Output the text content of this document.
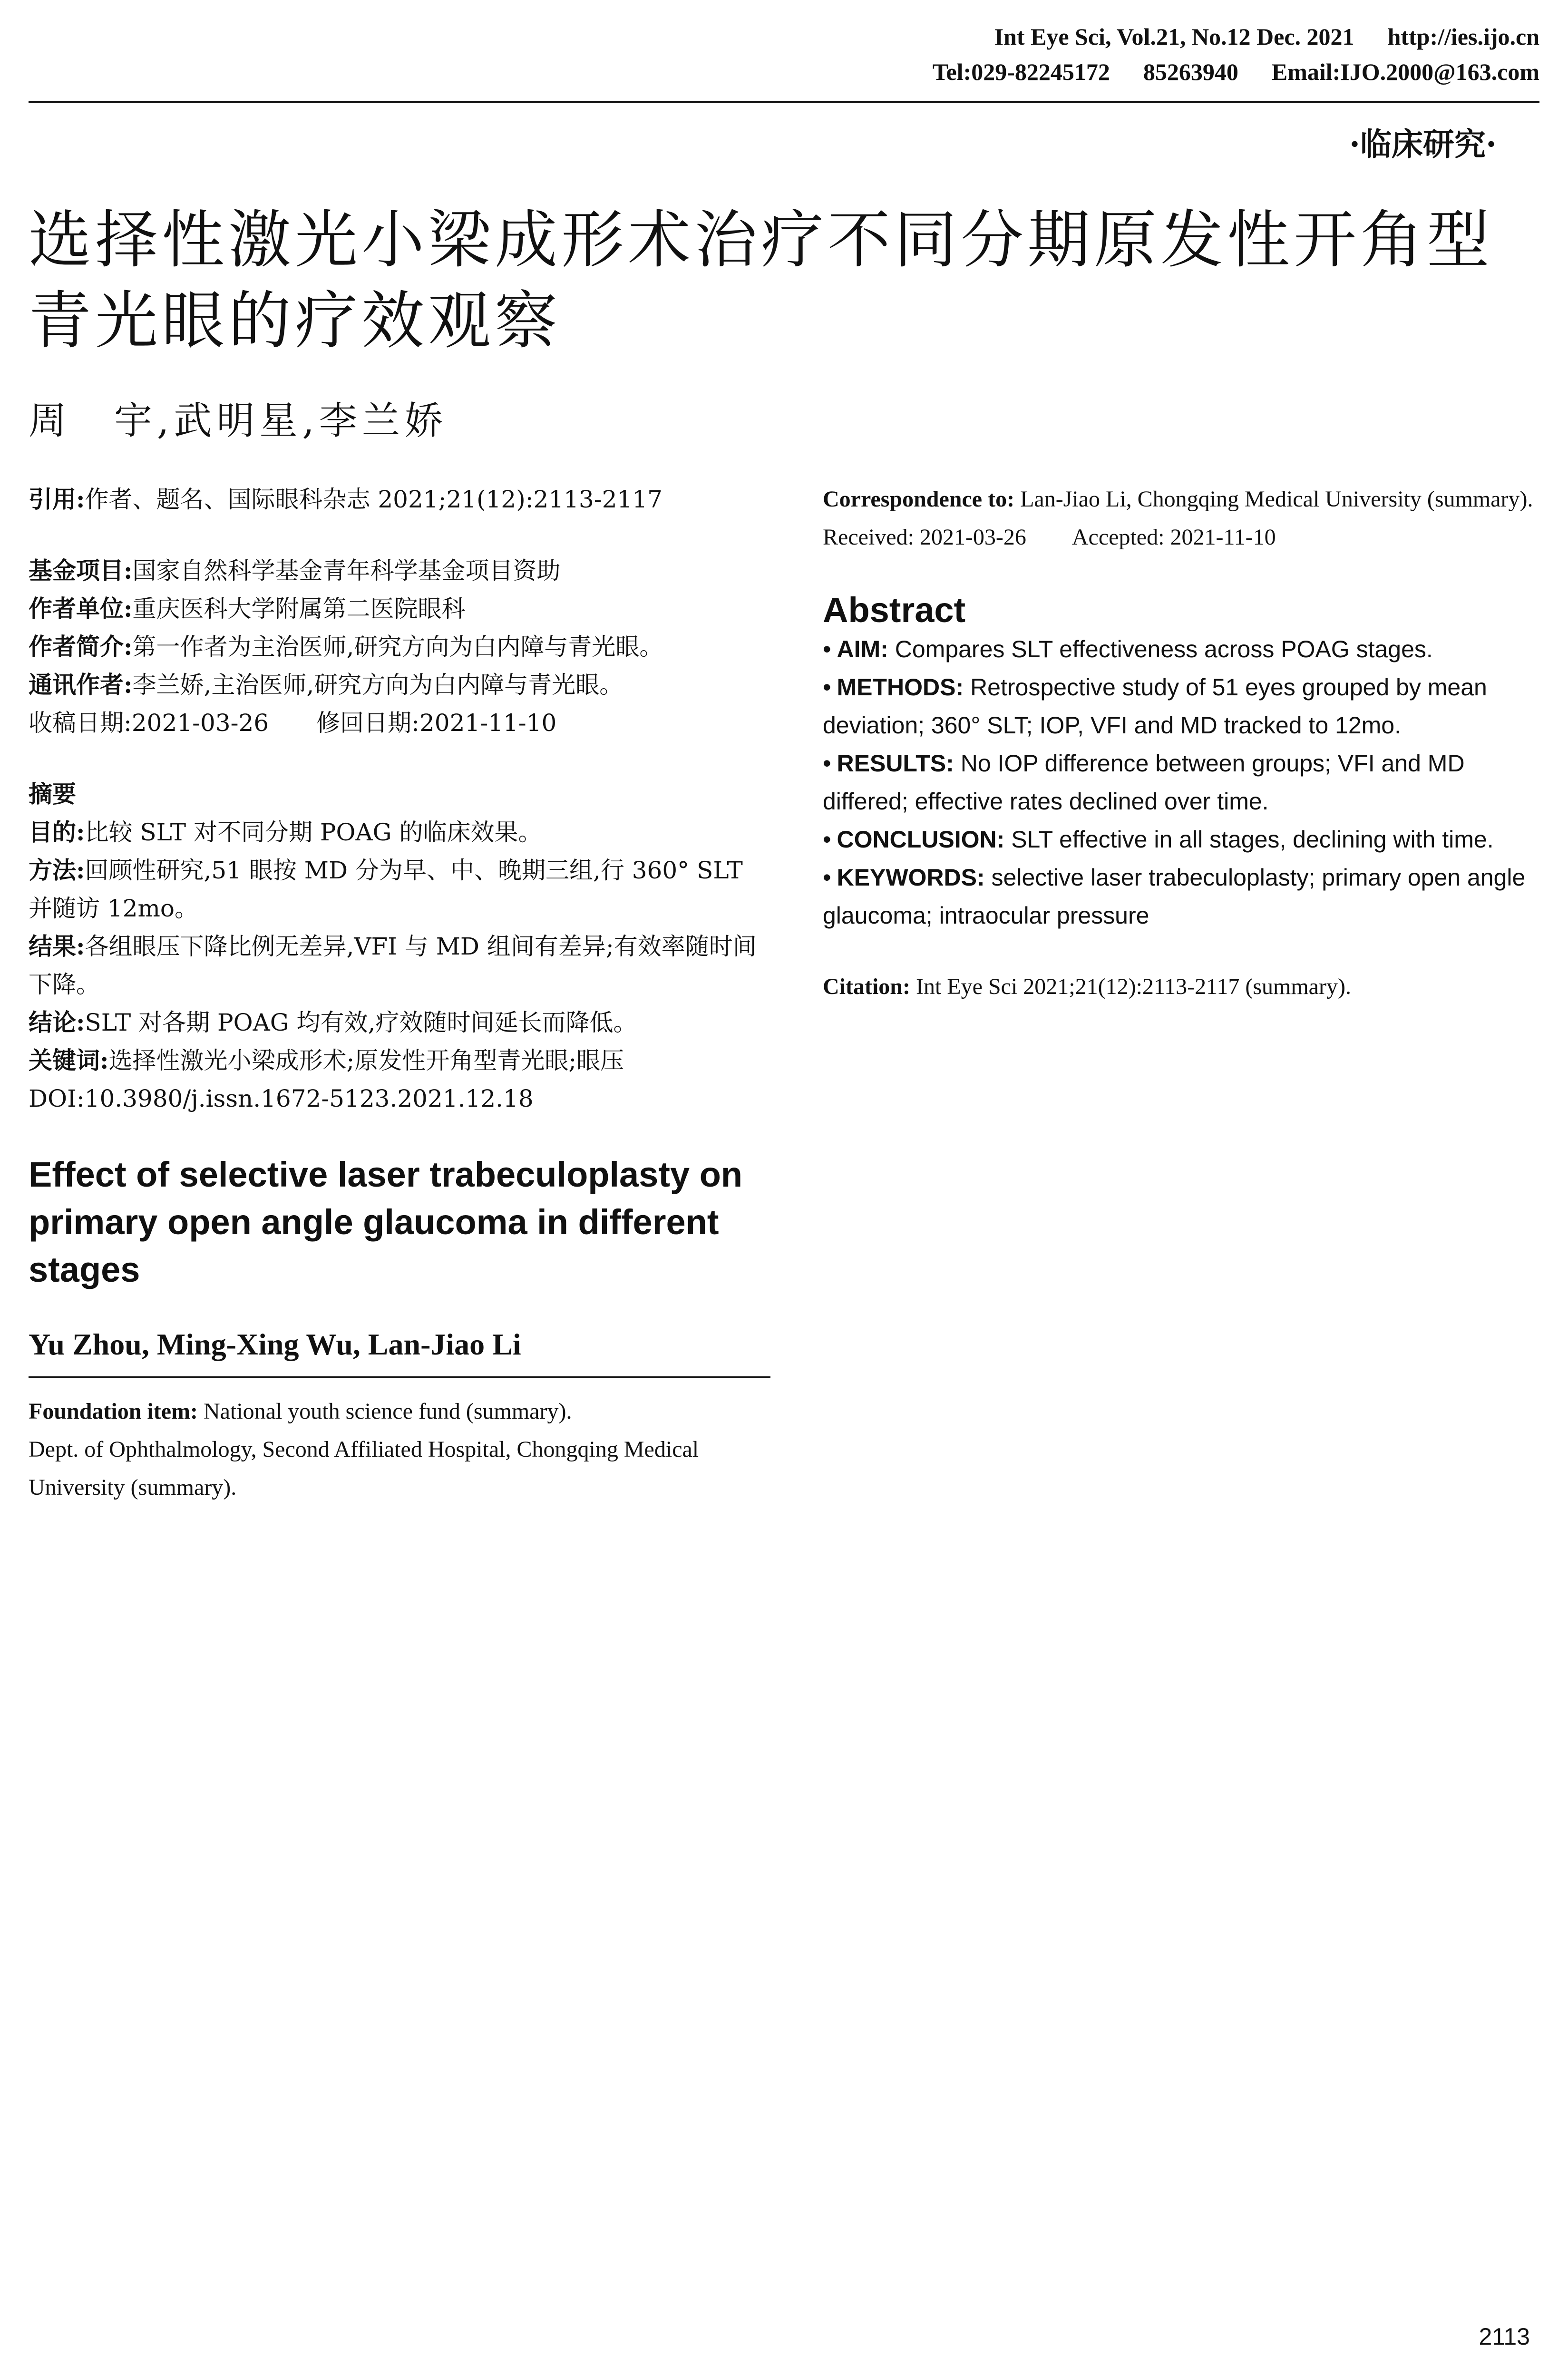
Int Eye Sci, Vol.21, No.12 Dec. 2021 http://ies.ijo.cn
Tel:029-82245172 85263940 Email:IJO.2000@163.com
·临床研究·
选择性激光小梁成形术治疗不同分期原发性开角型青光眼的疗效观察
周　宇,武明星,李兰娇

引用:作者、题名、国际眼科杂志 2021;21(12):2113-2117

基金项目:国家自然科学基金青年科学基金项目资助

作者单位:重庆医科大学附属第二医院眼科

作者简介:第一作者为主治医师,研究方向为白内障与青光眼。

通讯作者:李兰娇,主治医师,研究方向为白内障与青光眼。

收稿日期:2021-03-26　　修回日期:2021-11-10

摘要

目的:比较 SLT 对不同分期 POAG 的临床效果。

方法:回顾性研究,51 眼按 MD 分为早、中、晚期三组,行 360° SLT 并随访 12mo。

结果:各组眼压下降比例无差异,VFI 与 MD 组间有差异;有效率随时间下降。

结论:SLT 对各期 POAG 均有效,疗效随时间延长而降低。

关键词:选择性激光小梁成形术;原发性开角型青光眼;眼压

DOI:10.3980/j.issn.1672-5123.2021.12.18

Effect of selective laser trabeculoplasty on primary open angle glaucoma in different stages

Yu Zhou, Ming-Xing Wu, Lan-Jiao Li

Foundation item: National youth science fund (summary).

Dept. of Ophthalmology, Second Affiliated Hospital, Chongqing Medical University (summary).

Correspondence to: Lan-Jiao Li, Chongqing Medical University (summary).

Received: 2021-03-26　　 Accepted: 2021-11-10

Abstract

• AIM: Compares SLT effectiveness across POAG stages.

• METHODS: Retrospective study of 51 eyes grouped by mean deviation; 360° SLT; IOP, VFI and MD tracked to 12mo.

• RESULTS: No IOP difference between groups; VFI and MD differed; effective rates declined over time.

• CONCLUSION: SLT effective in all stages, declining with time.

• KEYWORDS: selective laser trabeculoplasty; primary open angle glaucoma; intraocular pressure

Citation: Int Eye Sci 2021;21(12):2113-2117 (summary).

2113
